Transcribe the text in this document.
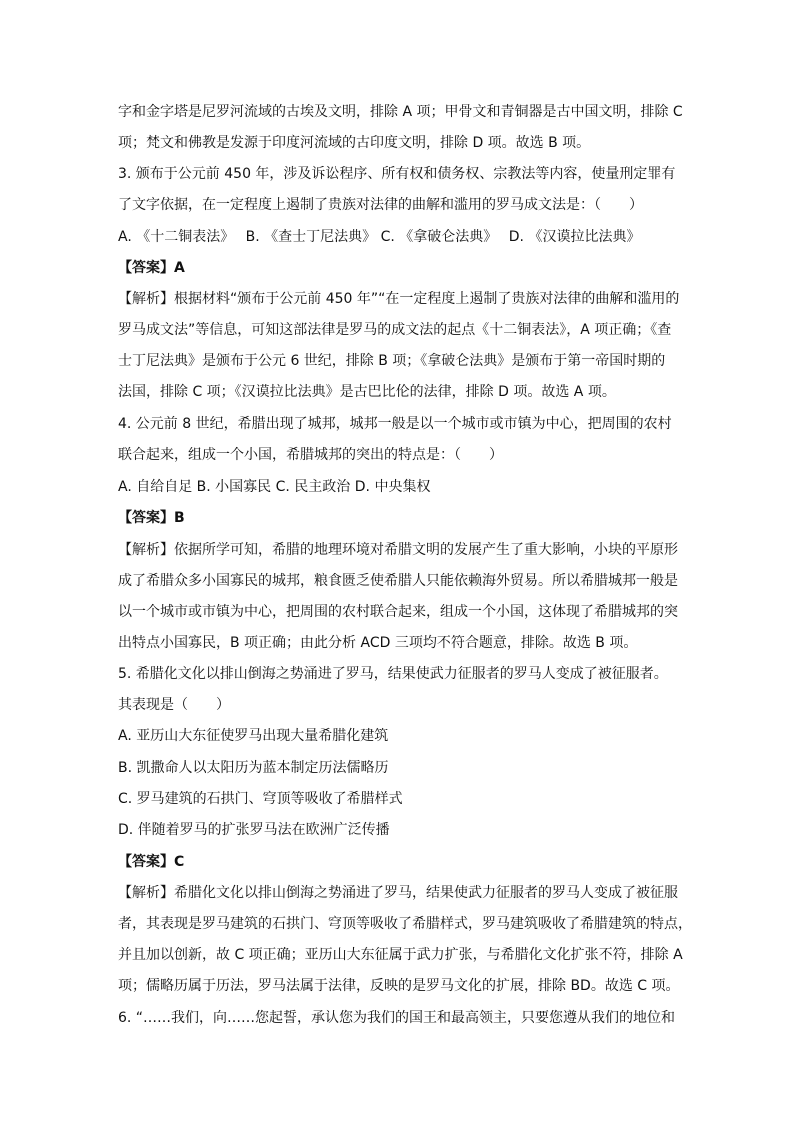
字和金字塔是尼罗河流域的古埃及文明，排除 A 项；甲骨文和青铜器是古中国文明，排除 C
项；梵文和佛教是发源于印度河流域的古印度文明，排除 D 项。故选 B 项。
3. 颁布于公元前 450 年，涉及诉讼程序、所有权和债务权、宗教法等内容，使量刑定罪有
了文字依据，在一定程度上遏制了贵族对法律的曲解和滥用的罗马成文法是：（　　）
A. 《十二铜表法》　 B. 《查士丁尼法典》 C. 《拿破仑法典》　 D. 《汉谟拉比法典》
【答案】A
【解析】根据材料“颁布于公元前 450 年”“在一定程度上遏制了贵族对法律的曲解和滥用的
罗马成文法”等信息，可知这部法律是罗马的成文法的起点《十二铜表法》，A 项正确；《查
士丁尼法典》是颁布于公元 6 世纪，排除 B 项；《拿破仑法典》是颁布于第一帝国时期的
法国，排除 C 项；《汉谟拉比法典》是古巴比伦的法律，排除 D 项。故选 A 项。
4. 公元前 8 世纪，希腊出现了城邦，城邦一般是以一个城市或市镇为中心，把周围的农村
联合起来，组成一个小国，希腊城邦的突出的特点是：（　　）
A. 自给自足 B. 小国寡民 C. 民主政治 D. 中央集权
【答案】B
【解析】依据所学可知，希腊的地理环境对希腊文明的发展产生了重大影响，小块的平原形
成了希腊众多小国寡民的城邦，粮食匮乏使希腊人只能依赖海外贸易。所以希腊城邦一般是
以一个城市或市镇为中心，把周围的农村联合起来，组成一个小国，这体现了希腊城邦的突
出特点小国寡民，B 项正确；由此分析 ACD 三项均不符合题意，排除。故选 B 项。
5. 希腊化文化以排山倒海之势涌进了罗马，结果使武力征服者的罗马人变成了被征服者。
其表现是（　　）
A. 亚历山大东征使罗马出现大量希腊化建筑
B. 凯撒命人以太阳历为蓝本制定历法儒略历
C. 罗马建筑的石拱门、穹顶等吸收了希腊样式
D. 伴随着罗马的扩张罗马法在欧洲广泛传播
【答案】C
【解析】希腊化文化以排山倒海之势涌进了罗马，结果使武力征服者的罗马人变成了被征服
者，其表现是罗马建筑的石拱门、穹顶等吸收了希腊样式，罗马建筑吸收了希腊建筑的特点，
并且加以创新，故 C 项正确；亚历山大东征属于武力扩张，与希腊化文化扩张不符，排除 A
项；儒略历属于历法，罗马法属于法律，反映的是罗马文化的扩展，排除 BD。故选 C 项。
6. “……我们，向……您起誓，承认您为我们的国王和最高领主，只要您遵从我们的地位和
